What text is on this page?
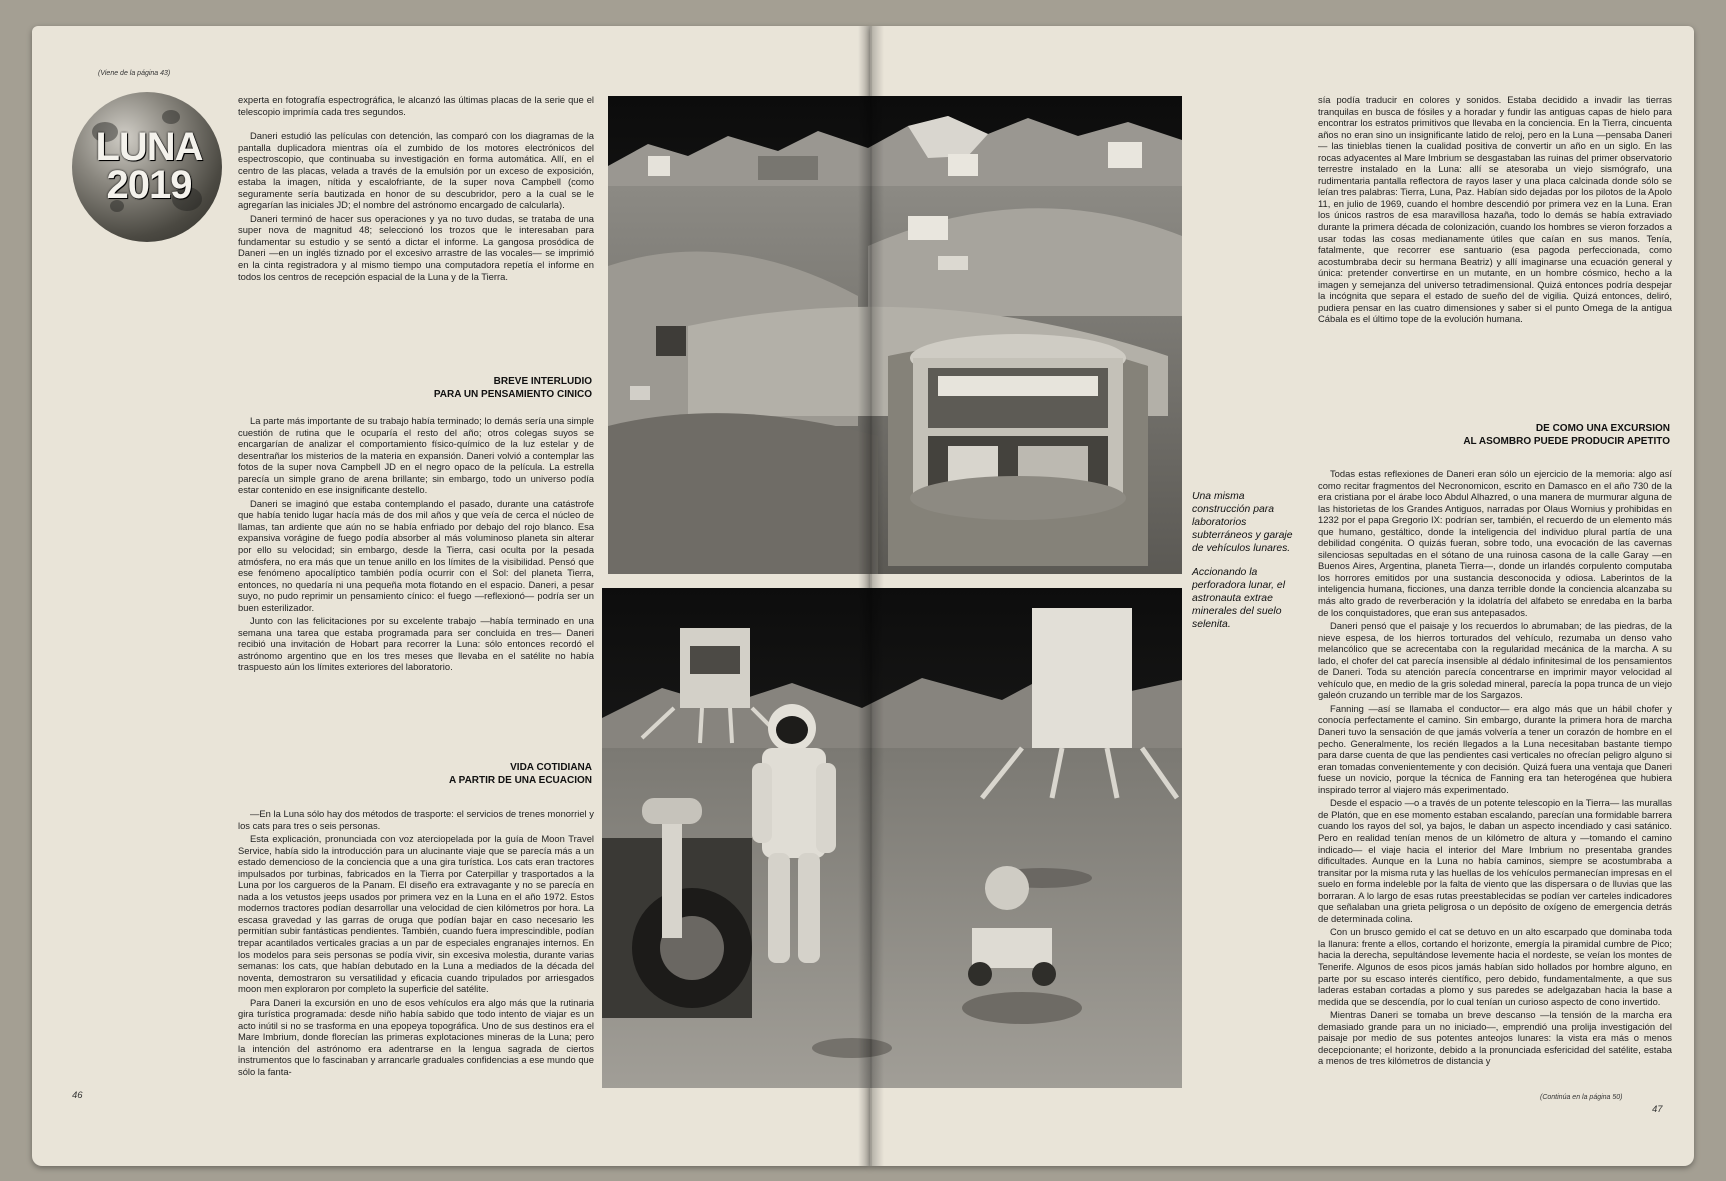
(Viene de la página 43)
LUNA 2019

experta en fotografía espectrográfica, le alcanzó las últimas placas de la serie que el telescopio imprimía cada tres segundos.

Daneri estudió las películas con detención, las comparó con los diagramas de la pantalla duplicadora mientras oía el zumbido de los motores electrónicos del espectroscopio, que continuaba su investigación en forma automática. Allí, en el centro de las placas, velada a través de la emulsión por un exceso de exposición, estaba la imagen, nítida y escalofriante, de la super nova Campbell (como seguramente sería bautizada en honor de su descubridor, pero a la cual se le agregarían las iniciales JD; el nombre del astrónomo encargado de calcularla).

Daneri terminó de hacer sus operaciones y ya no tuvo dudas, se trataba de una super nova de magnitud 48; seleccionó los trozos que le interesaban para fundamentar su estudio y se sentó a dictar el informe. La gangosa prosódica de Daneri —en un inglés tiznado por el excesivo arrastre de las vocales— se imprimió en la cinta registradora y al mismo tiempo una computadora repetía el informe en todos los centros de recepción espacial de la Luna y de la Tierra.

BREVE INTERLUDIO
PARA UN PENSAMIENTO CINICO

La parte más importante de su trabajo había terminado; lo demás sería una simple cuestión de rutina que le ocuparía el resto del año; otros colegas suyos se encargarían de analizar el comportamiento físico-químico de la luz estelar y de desentrañar los misterios de la materia en expansión. Daneri volvió a contemplar las fotos de la super nova Campbell JD en el negro opaco de la película. La estrella parecía un simple grano de arena brillante; sin embargo, todo un universo podía estar contenido en ese insignificante destello.

Daneri se imaginó que estaba contemplando el pasado, durante una catástrofe que había tenido lugar hacía más de dos mil años y que veía de cerca el núcleo de llamas, tan ardiente que aún no se había enfriado por debajo del rojo blanco. Esa expansiva vorágine de fuego podía absorber al más voluminoso planeta sin alterar por ello su velocidad; sin embargo, desde la Tierra, casi oculta por la pesada atmósfera, no era más que un tenue anillo en los límites de la visibilidad. Pensó que ese fenómeno apocalíptico también podía ocurrir con el Sol: del planeta Tierra, entonces, no quedaría ni una pequeña mota flotando en el espacio. Daneri, a pesar suyo, no pudo reprimir un pensamiento cínico: el fuego —reflexionó— podría ser un buen esterilizador.

Junto con las felicitaciones por su excelente trabajo —había terminado en una semana una tarea que estaba programada para ser concluida en tres— Daneri recibió una invitación de Hobart para recorrer la Luna: sólo entonces recordó el astrónomo argentino que en los tres meses que llevaba en el satélite no había traspuesto aún los límites exteriores del laboratorio.

VIDA COTIDIANA
A PARTIR DE UNA ECUACION

—En la Luna sólo hay dos métodos de trasporte: el servicios de trenes monorriel y los cats para tres o seis personas.

Esta explicación, pronunciada con voz aterciopelada por la guía de Moon Travel Service, había sido la introducción para un alucinante viaje que se parecía más a un estado demencioso de la conciencia que a una gira turística. Los cats eran tractores impulsados por turbinas, fabricados en la Tierra por Caterpillar y trasportados a la Luna por los cargueros de la Panam. El diseño era extravagante y no se parecía en nada a los vetustos jeeps usados por primera vez en la Luna en el año 1972. Estos modernos tractores podían desarrollar una velocidad de cien kilómetros por hora. La escasa gravedad y las garras de oruga que podían bajar en caso necesario les permitían subir fantásticas pendientes. También, cuando fuera imprescindible, podían trepar acantilados verticales gracias a un par de especiales engranajes internos. En los modelos para seis personas se podía vivir, sin excesiva molestia, durante varias semanas: los cats, que habían debutado en la Luna a mediados de la década del noventa, demostraron su versatilidad y eficacia cuando tripulados por arriesgados moon men exploraron por completo la superficie del satélite.

Para Daneri la excursión en uno de esos vehículos era algo más que la rutinaria gira turística programada: desde niño había sabido que todo intento de viajar es un acto inútil si no se trasforma en una epopeya topográfica. Uno de sus destinos era el Mare Imbrium, donde florecían las primeras explotaciones mineras de la Luna; pero la intención del astrónomo era adentrarse en la lengua sagrada de ciertos instrumentos que lo fascinaban y arrancarle graduales confidencias a ese mundo que sólo la fanta-

46

Una misma construcción para laboratorios subterráneos y garaje de vehículos lunares.

Accionando la perforadora lunar, el astronauta extrae minerales del suelo selenita.

sía podía traducir en colores y sonidos. Estaba decidido a invadir las tierras tranquilas en busca de fósiles y a horadar y fundir las antiguas capas de hielo para encontrar los estratos primitivos que llevaba en la conciencia. En la Tierra, cincuenta años no eran sino un insignificante latido de reloj, pero en la Luna —pensaba Daneri— las tinieblas tienen la cualidad positiva de convertir un año en un siglo. En las rocas adyacentes al Mare Imbrium se desgastaban las ruinas del primer observatorio terrestre instalado en la Luna: allí se atesoraba un viejo sismógrafo, una rudimentaria pantalla reflectora de rayos laser y una placa calcinada donde sólo se leían tres palabras: Tierra, Luna, Paz. Habían sido dejadas por los pilotos de la Apolo 11, en julio de 1969, cuando el hombre descendió por primera vez en la Luna. Eran los únicos rastros de esa maravillosa hazaña, todo lo demás se había extraviado durante la primera década de colonización, cuando los hombres se vieron forzados a usar todas las cosas medianamente útiles que caían en sus manos. Tenía, fatalmente, que recorrer ese santuario (esa pagoda perfeccionada, como acostumbraba decir su hermana Beatriz) y allí imaginarse una ecuación general y única: pretender convertirse en un mutante, en un hombre cósmico, hecho a la imagen y semejanza del universo tetradimensional. Quizá entonces podría despejar la incógnita que separa el estado de sueño del de vigilia. Quizá entonces, deliró, pudiera pensar en las cuatro dimensiones y saber si el punto Omega de la antigua Cábala es el último tope de la evolución humana.

DE COMO UNA EXCURSION
AL ASOMBRO PUEDE PRODUCIR APETITO

Todas estas reflexiones de Daneri eran sólo un ejercicio de la memoria: algo así como recitar fragmentos del Necronomicon, escrito en Damasco en el año 730 de la era cristiana por el árabe loco Abdul Alhazred, o una manera de murmurar alguna de las historietas de los Grandes Antiguos, narradas por Olaus Wornius y prohibidas en 1232 por el papa Gregorio IX: podrían ser, también, el recuerdo de un elemento más que humano, gestáltico, donde la inteligencia del individuo plural partía de una debilidad congénita. O quizás fueran, sobre todo, una evocación de las cavernas silenciosas sepultadas en el sótano de una ruinosa casona de la calle Garay —en Buenos Aires, Argentina, planeta Tierra—, donde un irlandés corpulento computaba los horrores emitidos por una sustancia desconocida y odiosa. Laberintos de la inteligencia humana, ficciones, una danza terrible donde la conciencia alcanzaba su más alto grado de reverberación y la idolatría del alfabeto se enredaba en la barba de los conquistadores, que eran sus antepasados.

Daneri pensó que el paisaje y los recuerdos lo abrumaban; de las piedras, de la nieve espesa, de los hierros torturados del vehículo, rezumaba un denso vaho melancólico que se acrecentaba con la regularidad mecánica de la marcha. A su lado, el chofer del cat parecía insensible al dédalo infinitesimal de los pensamientos de Daneri. Toda su atención parecía concentrarse en imprimir mayor velocidad al vehículo que, en medio de la gris soledad mineral, parecía la popa trunca de un viejo galeón cruzando un terrible mar de los Sargazos.

Fanning —así se llamaba el conductor— era algo más que un hábil chofer y conocía perfectamente el camino. Sin embargo, durante la primera hora de marcha Daneri tuvo la sensación de que jamás volvería a tener un corazón de hombre en el pecho. Generalmente, los recién llegados a la Luna necesitaban bastante tiempo para darse cuenta de que las pendientes casi verticales no ofrecían peligro alguno si eran tomadas convenientemente y con decisión. Quizá fuera una ventaja que Daneri fuese un novicio, porque la técnica de Fanning era tan heterogénea que hubiera inspirado terror al viajero más experimentado.

Desde el espacio —o a través de un potente telescopio en la Tierra— las murallas de Platón, que en ese momento estaban escalando, parecían una formidable barrera cuando los rayos del sol, ya bajos, le daban un aspecto incendiado y casi satánico. Pero en realidad tenían menos de un kilómetro de altura y —tomando el camino indicado— el viaje hacia el interior del Mare Imbrium no presentaba grandes dificultades. Aunque en la Luna no había caminos, siempre se acostumbraba a transitar por la misma ruta y las huellas de los vehículos permanecían impresas en el suelo en forma indeleble por la falta de viento que las dispersara o de lluvias que las borraran. A lo largo de esas rutas preestablecidas se podían ver carteles indicadores que señalaban una grieta peligrosa o un depósito de oxígeno de emergencia detrás de determinada colina.

Con un brusco gemido el cat se detuvo en un alto escarpado que dominaba toda la llanura: frente a ellos, cortando el horizonte, emergía la piramidal cumbre de Pico; hacia la derecha, sepultándose levemente hacia el nordeste, se veían los montes de Tenerife. Algunos de esos picos jamás habían sido hollados por hombre alguno, en parte por su escaso interés científico, pero debido, fundamentalmente, a que sus laderas estaban cortadas a plomo y sus paredes se adelgazaban hacia la base a medida que se descendía, por lo cual tenían un curioso aspecto de cono invertido.

Mientras Daneri se tomaba un breve descanso —la tensión de la marcha era demasiado grande para un no iniciado—, emprendió una prolija investigación del paisaje por medio de sus potentes anteojos lunares: la vista era más o menos decepcionante; el horizonte, debido a la pronunciada esfericidad del satélite, estaba a menos de tres kilómetros de distancia y

(Continúa en la página 50)
47
